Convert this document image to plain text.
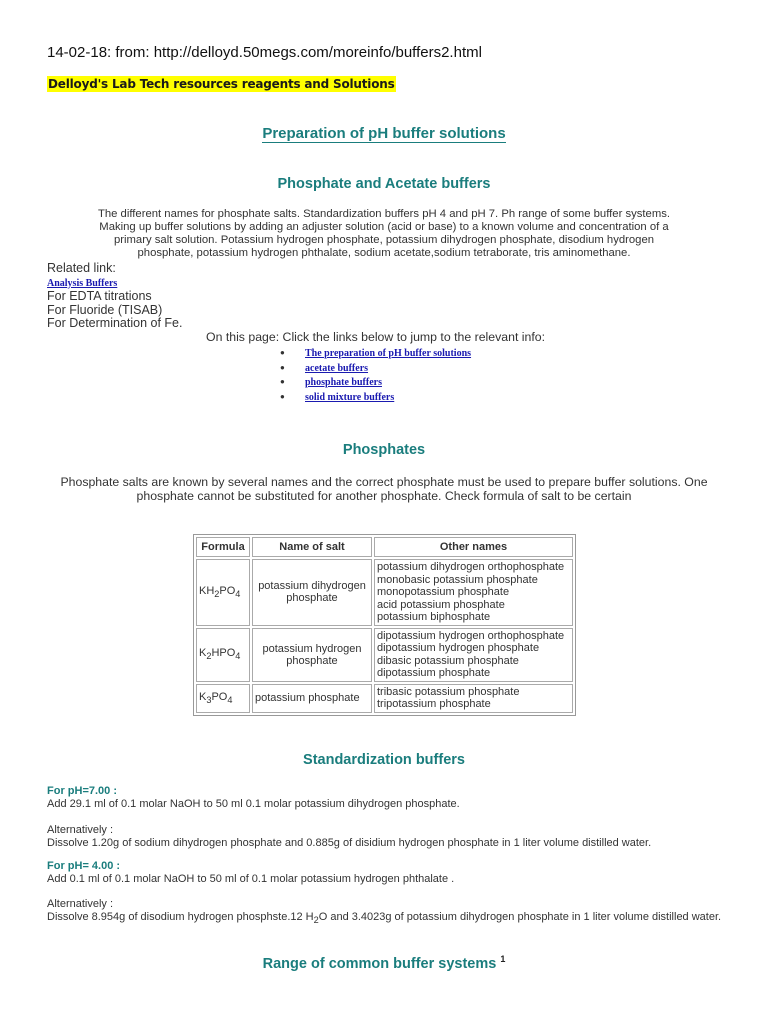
14-02-18: from: http://delloyd.50megs.com/moreinfo/buffers2.html
Delloyd's Lab Tech resources reagents and Solutions
Preparation of pH buffer solutions
Phosphate and Acetate buffers
The different names for phosphate salts. Standardization buffers pH 4 and pH 7. Ph range of some buffer systems. Making up buffer solutions by adding an adjuster solution (acid or base) to a known volume and concentration of a primary salt solution. Potassium hydrogen phosphate, potassium dihydrogen phosphate, disodium hydrogen phosphate, potassium hydrogen phthalate, sodium acetate,sodium tetraborate, tris aminomethane.
Related link:
Analysis Buffers
For EDTA titrations
For Fluoride (TISAB)
For Determination of Fe.
On this page: Click the links below to jump to the relevant info:
● The preparation of pH buffer solutions
● acetate buffers
● phosphate buffers
● solid mixture buffers
Phosphates
Phosphate salts are known by several names and the correct phosphate must be used to prepare buffer solutions. One phosphate cannot be substituted for another phosphate. Check formula of salt to be certain
Formula	Name of salt	Other names
$KH_2PO_4$	potassium dihydrogen phosphate	potassium dihydrogen orthophosphate
monobasic potassium phosphate
monopotassium phosphate
acid potassium phosphate
potassium biphosphate

$K_2HPO_4$	potassium hydrogen phosphate	dipotassium hydrogen orthophosphate
dipotassium hydrogen phosphate
dibasic potassium phosphate
dipotassium phosphate

$K_3PO_4$	potassium phosphate	tribasic potassium phosphate
tripotassium phosphate
Standardization buffers
For pH=7.00 :
Add 29.1 ml of 0.1 molar NaOH to 50 ml 0.1 molar potassium dihydrogen phosphate.
Alternatively :
Dissolve 1.20g of sodium dihydrogen phosphate and 0.885g of disidium hydrogen phosphate in 1 liter volume distilled water.
For pH= 4.00 :
Add 0.1 ml of 0.1 molar NaOH to 50 ml of 0.1 molar potassium hydrogen phthalate .
Alternatively :
Dissolve 8.954g of disodium hydrogen phosphste.12 $H_2O$ and 3.4023g of potassium dihydrogen phosphate in 1 liter volume distilled water.
Range of common buffer systems $^1$
